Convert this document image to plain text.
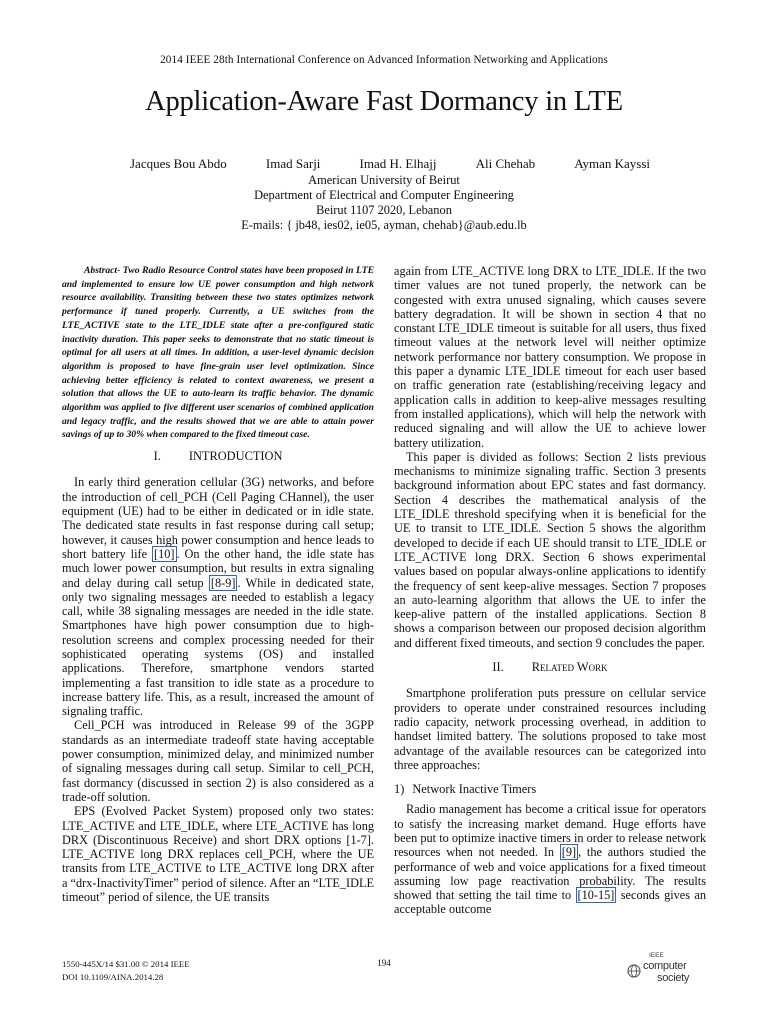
2014 IEEE 28th International Conference on Advanced Information Networking and Applications
Application-Aware Fast Dormancy in LTE
Jacques Bou Abdo	Imad Sarji	Imad H. Elhajj	Ali Chehab	Ayman Kayssi
American University of Beirut
Department of Electrical and Computer Engineering
Beirut 1107 2020, Lebanon
E-mails: { jb48, ies02, ie05, ayman, chehab}@aub.edu.lb

Abstract- Two Radio Resource Control states have been proposed in LTE and implemented to ensure low UE power consumption and high network resource availability. Transiting between these two states optimizes network performance if tuned properly. Currently, a UE switches from the LTE_ACTIVE state to the LTE_IDLE state after a pre-configured static inactivity duration. This paper seeks to demonstrate that no static timeout is optimal for all users at all times. In addition, a user-level dynamic decision algorithm is proposed to have fine-grain user level optimization. Since achieving better efficiency is related to context awareness, we present a solution that allows the UE to auto-learn its traffic behavior. The dynamic algorithm was applied to five different user scenarios of combined application and legacy traffic, and the results showed that we are able to attain power savings of up to 30% when compared to the fixed timeout case.

I. INTRODUCTION

In early third generation cellular (3G) networks, and before the introduction of cell_PCH (Cell Paging CHannel), the user equipment (UE) had to be either in dedicated or in idle state. The dedicated state results in fast response during call setup; however, it causes high power consumption and hence leads to short battery life [10] . On the other hand, the idle state has much lower power consumption, but results in extra signaling and delay during call setup [8-9] . While in dedicated state, only two signaling messages are needed to establish a legacy call, while 38 signaling messages are needed in the idle state. Smartphones have high power consumption due to high-resolution screens and complex processing needed for their sophisticated operating systems (OS) and installed applications. Therefore, smartphone vendors started implementing a fast transition to idle state as a procedure to increase battery life. This, as a result, increased the amount of signaling traffic.

Cell_PCH was introduced in Release 99 of the 3GPP standards as an intermediate tradeoff state having acceptable power consumption, minimized delay, and minimized number of signaling messages during call setup. Similar to cell_PCH, fast dormancy (discussed in section 2) is also considered as a trade-off solution.

EPS (Evolved Packet System) proposed only two states: LTE_ACTIVE and LTE_IDLE, where LTE_ACTIVE has long DRX (Discontinuous Receive) and short DRX options [1-7]. LTE_ACTIVE long DRX replaces cell_PCH, where the UE transits from LTE_ACTIVE to LTE_ACTIVE long DRX after a “drx-InactivityTimer” period of silence. After an “LTE_IDLE timeout” period of silence, the UE transits

again from LTE_ACTIVE long DRX to LTE_IDLE. If the two timer values are not tuned properly, the network can be congested with extra unused signaling, which causes severe battery degradation. It will be shown in section 4 that no constant LTE_IDLE timeout is suitable for all users, thus fixed timeout values at the network level will neither optimize network performance nor battery consumption. We propose in this paper a dynamic LTE_IDLE timeout for each user based on traffic generation rate (establishing/receiving legacy and application calls in addition to keep-alive messages resulting from installed applications), which will help the network with reduced signaling and will allow the UE to achieve lower battery utilization.

This paper is divided as follows: Section 2 lists previous mechanisms to minimize signaling traffic. Section 3 presents background information about EPC states and fast dormancy. Section 4 describes the mathematical analysis of the LTE_IDLE threshold specifying when it is beneficial for the UE to transit to LTE_IDLE. Section 5 shows the algorithm developed to decide if each UE should transit to LTE_IDLE or LTE_ACTIVE long DRX. Section 6 shows experimental values based on popular always-online applications to identify the frequency of sent keep-alive messages. Section 7 proposes an auto-learning algorithm that allows the UE to infer the keep-alive pattern of the installed applications. Section 8 shows a comparison between our proposed decision algorithm and different fixed timeouts, and section 9 concludes the paper.

II. Related Work

Smartphone proliferation puts pressure on cellular service providers to operate under constrained resources including radio capacity, network processing overhead, in addition to handset limited battery. The solutions proposed to take most advantage of the available resources can be categorized into three approaches:

1) Network Inactive Timers

Radio management has become a critical issue for operators to satisfy the increasing market demand. Huge efforts have been put to optimize inactive timers in order to release network resources when not needed. In [9] , the authors studied the performance of web and voice applications for a fixed timeout assuming low page reactivation probability. The results showed that setting the tail time to [10-15] seconds gives an acceptable outcome

1550-445X/14 $31.00 © 2014 IEEE
DOI 10.1109/AINA.2014.28
194
IEEE
computer
society
